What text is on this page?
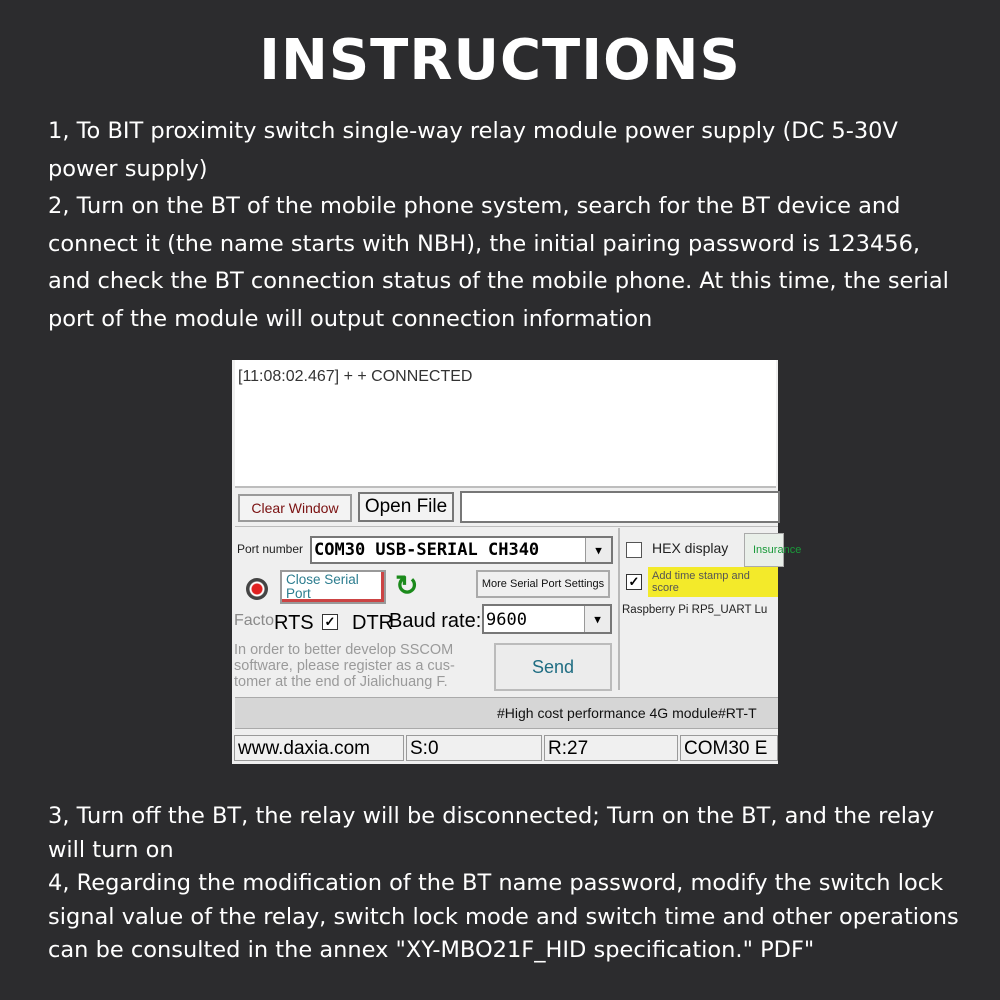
INSTRUCTIONS

1, To BIT proximity switch single-way relay module power supply (DC 5-30V power supply)

2, Turn on the BT of the mobile phone system, search for the BT device and connect it (the name starts with NBH), the initial pairing password is 123456, and check the BT connection status of the mobile phone. At this time, the serial port of the module will output connection information

[11:08:02.467] + + CONNECTED
Clear Window	Open File
Port number COM30 USB-SERIAL CH340	▼
Close Serial Port	↻	More Serial Port Settings
Facto RTS ✓ DTR
Baud rate: 9600	▼
In order to better develop SSCOM
software, please register as a cus-
tomer at the end of Jialichuang F.
Send
HEX display	Insurance
Add time stamp and
score
✓
Raspberry Pi RP5_UART Lu
#High cost performance 4G module#RT-T
www.daxia.com	S:0	R:27	COM30 E

3, Turn off the BT, the relay will be disconnected; Turn on the BT, and the relay will turn on

4, Regarding the modification of the BT name password, modify the switch lock signal value of the relay, switch lock mode and switch time and other operations can be consulted in the annex "XY-MBO21F_HID specification." PDF"
